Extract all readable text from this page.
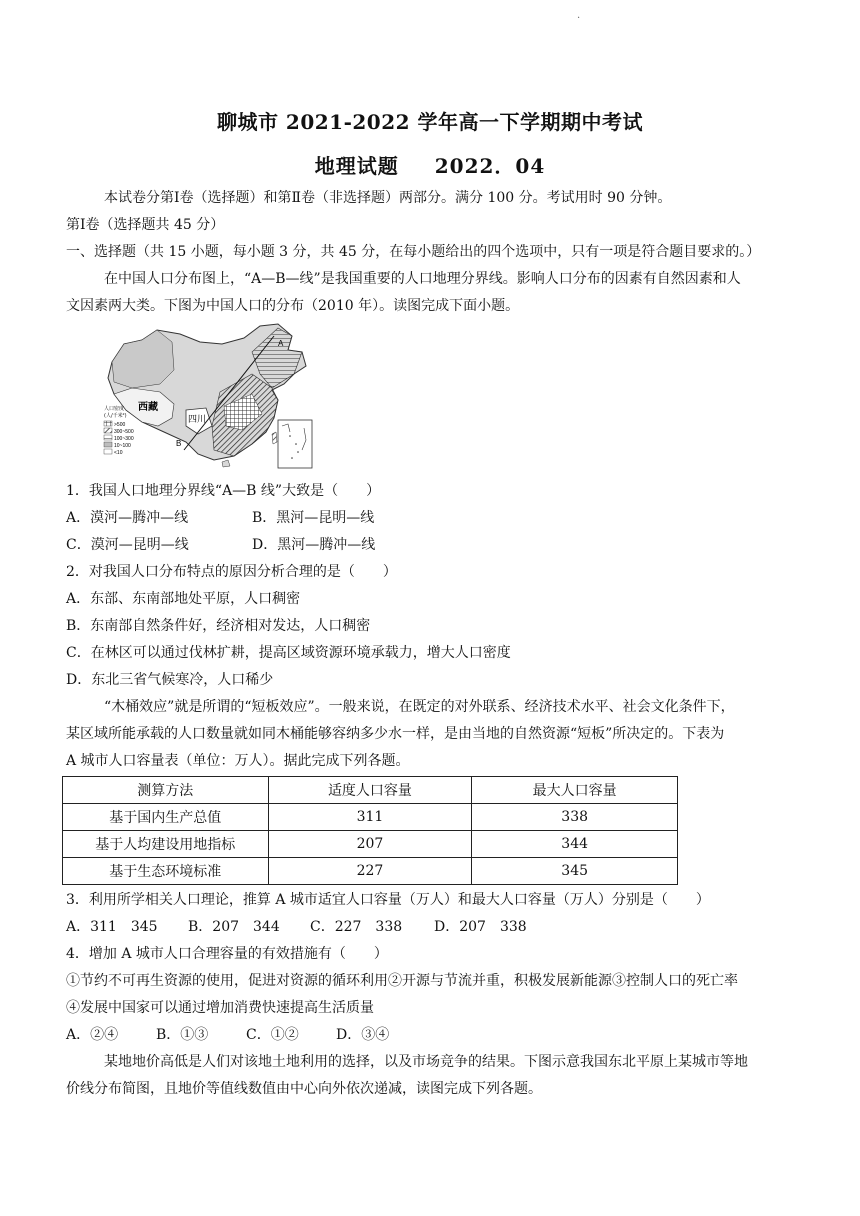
.
聊城市 2021-2022 学年高一下学期期中考试
地理试题 2022．04
本试卷分第Ⅰ卷（选择题）和第Ⅱ卷（非选择题）两部分。满分 100 分。考试用时 90 分钟。
第Ⅰ卷（选择题共 45 分）
一、选择题（共 15 小题，每小题 3 分，共 45 分，在每小题给出的四个选项中，只有一项是符合题目要求的。）
在中国人口分布图上，“A—B—线”是我国重要的人口地理分界线。影响人口分布的因素有自然因素和人
文因素两大类。下图为中国人口的分布（2010 年）。读图完成下面小题。
A
B
西藏
四川
人口密度
(人/千米²)
>500
300~500
100~300
10~100
<10
1．我国人口地理分界线“A—B 线”大致是（　　）
A．漠河—腾冲—线	B．黑河—昆明—线
C．漠河—昆明—线	D．黑河—腾冲—线
2．对我国人口分布特点的原因分析合理的是（　　）
A．东部、东南部地处平原，人口稠密
B．东南部自然条件好，经济相对发达，人口稠密
C．在林区可以通过伐林扩耕，提高区域资源环境承载力，增大人口密度
D．东北三省气候寒冷，人口稀少
“木桶效应”就是所谓的“短板效应”。一般来说，在既定的对外联系、经济技术水平、社会文化条件下，
某区域所能承载的人口数量就如同木桶能够容纳多少水一样，是由当地的自然资源“短板”所决定的。下表为
A 城市人口容量表（单位：万人）。据此完成下列各题。
测算方法	适度人口容量	最大人口容量
基于国内生产总值	311	338
基于人均建设用地指标	207	344
基于生态环境标准	227	345
3．利用所学相关人口理论，推算 A 城市适宜人口容量（万人）和最大人口容量（万人）分别是（　　）
A．311　345 B．207　344 C．227　338 D．207　338
4．增加 A 城市人口合理容量的有效措施有（　　）
①节约不可再生资源的使用，促进对资源的循环利用②开源与节流并重，积极发展新能源③控制人口的死亡率
④发展中国家可以通过增加消费快速提高生活质量
A．②④	B．①③	C．①②	D．③④
某地地价高低是人们对该地土地利用的选择，以及市场竞争的结果。下图示意我国东北平原上某城市等地
价线分布简图，且地价等值线数值由中心向外依次递减，读图完成下列各题。
